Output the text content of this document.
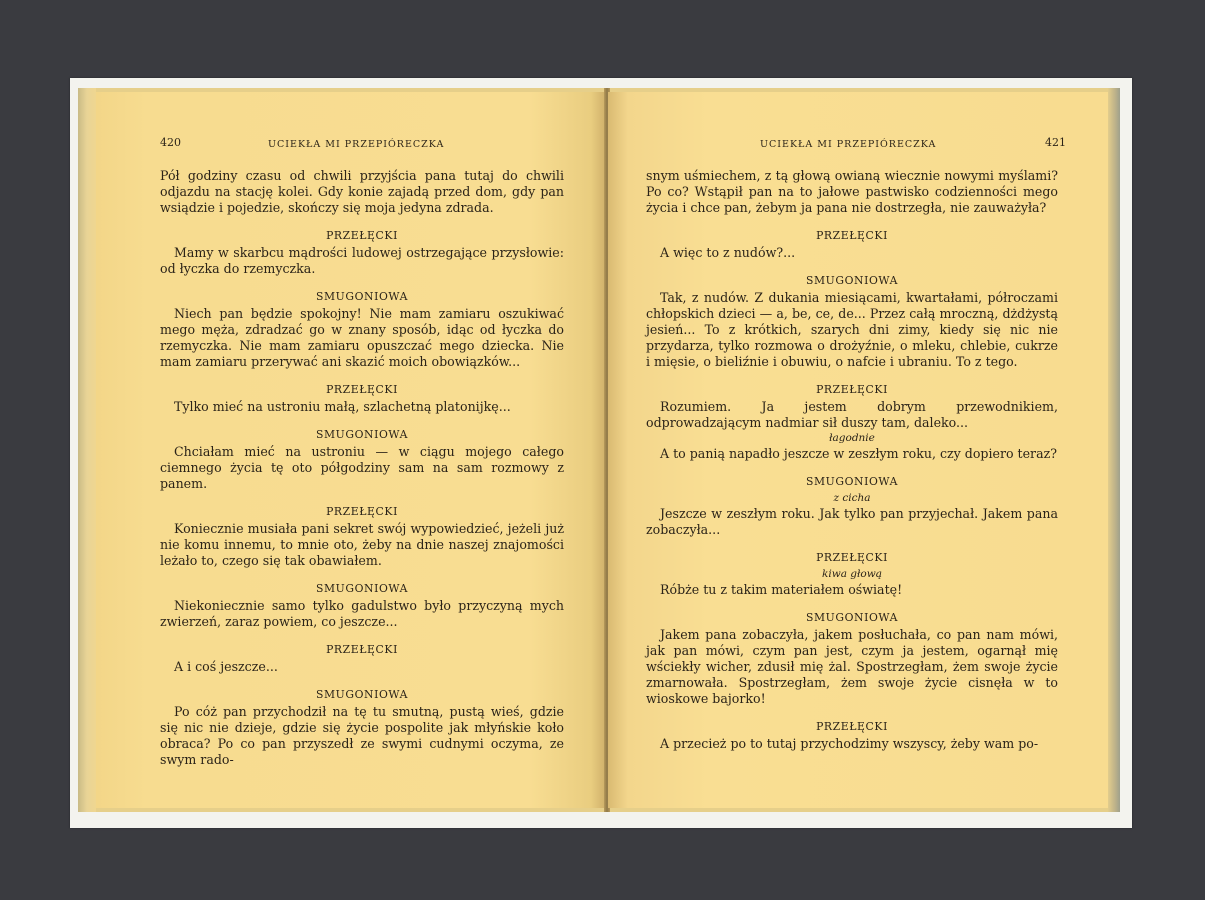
420	UCIEKŁA MI PRZEPIÓRECZKA

Pół godziny czasu od chwili przyjścia pana tutaj do chwili odjazdu na stację kolei. Gdy konie zajadą przed dom, gdy pan wsiądzie i pojedzie, skończy się moja jedyna zdrada.

PRZEŁĘCKI

Mamy w skarbcu mądrości ludowej ostrzegające przysłowie: od łyczka do rzemyczka.

SMUGONIOWA

Niech pan będzie spokojny! Nie mam zamiaru oszukiwać mego męża, zdradzać go w znany sposób, idąc od łyczka do rzemyczka. Nie mam zamiaru opuszczać mego dziecka. Nie mam zamiaru przerywać ani skazić moich obowiązków...

PRZEŁĘCKI

Tylko mieć na ustroniu małą, szlachetną platonijkę...

SMUGONIOWA

Chciałam mieć na ustroniu — w ciągu mojego całego ciemnego życia tę oto półgodziny sam na sam rozmowy z panem.

PRZEŁĘCKI

Koniecznie musiała pani sekret swój wypowiedzieć, jeżeli już nie komu innemu, to mnie oto, żeby na dnie naszej znajomości leżało to, czego się tak obawiałem.

SMUGONIOWA

Niekoniecznie samo tylko gadulstwo było przyczyną mych zwierzeń, zaraz powiem, co jeszcze...

PRZEŁĘCKI

A i coś jeszcze...

SMUGONIOWA

Po cóż pan przychodził na tę tu smutną, pustą wieś, gdzie się nic nie dzieje, gdzie się życie pospolite jak młyńskie koło obraca? Po co pan przyszedł ze swymi cudnymi oczyma, ze swym rado-

UCIEKŁA MI PRZEPIÓRECZKA	421

snym uśmiechem, z tą głową owianą wiecznie nowymi myślami? Po co? Wstąpił pan na to jałowe pastwisko codzienności mego życia i chce pan, żebym ja pana nie dostrzegła, nie zauważyła?

PRZEŁĘCKI

A więc to z nudów?...

SMUGONIOWA

Tak, z nudów. Z dukania miesiącami, kwartałami, półroczami chłopskich dzieci — a, be, ce, de... Przez całą mroczną, dżdżystą jesień... To z krótkich, szarych dni zimy, kiedy się nic nie przydarza, tylko rozmowa o drożyźnie, o mleku, chlebie, cukrze i mięsie, o bieliźnie i obuwiu, o nafcie i ubraniu. To z tego.

PRZEŁĘCKI

Rozumiem. Ja jestem dobrym przewodnikiem, odprowadzającym nadmiar sił duszy tam, daleko...

łagodnie

A to panią napadło jeszcze w zeszłym roku, czy dopiero teraz?

SMUGONIOWA
z cicha

Jeszcze w zeszłym roku. Jak tylko pan przyjechał. Jakem pana zobaczyła...

PRZEŁĘCKI
kiwa głową

Róbże tu z takim materiałem oświatę!

SMUGONIOWA

Jakem pana zobaczyła, jakem posłuchała, co pan nam mówi, jak pan mówi, czym pan jest, czym ja jestem, ogarnął mię wściekły wicher, zdusił mię żal. Spostrzegłam, żem swoje życie zmarnowała. Spostrzegłam, żem swoje życie cisnęła w to wioskowe bajorko!

PRZEŁĘCKI

A przecież po to tutaj przychodzimy wszyscy, żeby wam po-
